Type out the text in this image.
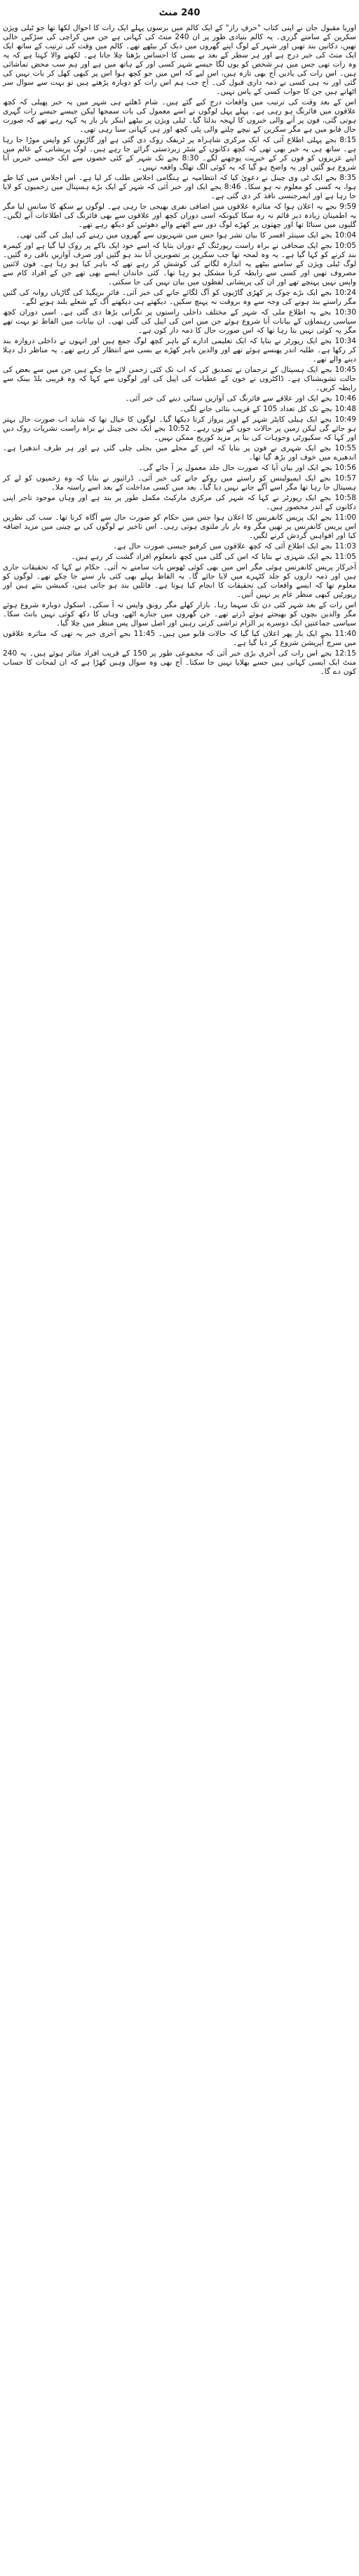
240 منٹ

اوریا مقبول جان نے اپنی کتاب "حرفِ راز" کے ایک کالم میں برسوں پہلے ایک رات کا احوال لکھا تھا جو ٹیلی ویژن سکرین کے سامنے گزری۔ یہ کالم بنیادی طور پر ان 240 منٹ کی کہانی ہے جن میں کراچی کی سڑکیں خالی تھیں، دکانیں بند تھیں اور شہر کے لوگ اپنے گھروں میں دبک کر بیٹھے تھے۔ کالم میں وقت کی ترتیب کے ساتھ ایک ایک منٹ کی خبر درج ہے اور ہر سطر کے بعد بے بسی کا احساس بڑھتا چلا جاتا ہے۔ لکھنے والا کہتا ہے کہ یہ وہ رات تھی جس میں ہر شخص کو یوں لگا جیسے شہر کسی اور کے ہاتھ میں ہے اور ہم سب محض تماشائی ہیں۔ اس رات کی یادیں آج بھی تازہ ہیں، اس لیے کہ اس میں جو کچھ ہوا اس پر کبھی کھل کر بات نہیں کی گئی اور نہ ہی کسی نے ذمہ داری قبول کی۔ آج جب ہم اس رات کو دوبارہ پڑھتے ہیں تو بہت سے سوال سر اٹھاتے ہیں جن کا جواب کسی کے پاس نہیں۔

اس کے بعد وقت کی ترتیب میں واقعات درج کیے گئے ہیں۔ شام ڈھلتے ہی شہر میں یہ خبر پھیلی کہ کچھ علاقوں میں فائرنگ ہو رہی ہے۔ پہلے پہل لوگوں نے اسے معمول کی بات سمجھا لیکن جیسے جیسے رات گہری ہوتی گئی، فون پر آنے والی خبروں کا لہجہ بدلتا گیا۔ ٹیلی ویژن پر بیٹھے اینکر بار بار یہ کہہ رہے تھے کہ صورت حال قابو میں ہے مگر سکرین کے نیچے چلنے والی پٹی کچھ اور ہی کہانی سنا رہی تھی۔

8:15 بجے پہلی اطلاع آئی کہ ایک مرکزی شاہراہ پر ٹریفک روک دی گئی ہے اور گاڑیوں کو واپس موڑا جا رہا ہے۔ ساتھ ہی یہ خبر بھی تھی کہ کچھ دکانوں کے شٹر زبردستی گرائے جا رہے ہیں۔ لوگ پریشانی کے عالم میں اپنے عزیزوں کو فون کر کے خیریت پوچھنے لگے۔ 8:30 بجے تک شہر کے کئی حصوں سے ایک جیسی خبریں آنا شروع ہو گئیں اور یہ واضح ہو گیا کہ یہ کوئی الگ تھلگ واقعہ نہیں۔

8:35 بجے ایک ٹی وی چینل نے دعویٰ کیا کہ انتظامیہ نے ہنگامی اجلاس طلب کر لیا ہے۔ اس اجلاس میں کیا طے ہوا، یہ کسی کو معلوم نہ ہو سکا۔ 8:46 بجے ایک اور خبر آئی کہ شہر کے ایک بڑے ہسپتال میں زخمیوں کو لایا جا رہا ہے اور ایمرجنسی نافذ کر دی گئی ہے۔

9:59 بجے یہ اعلان ہوا کہ متاثرہ علاقوں میں اضافی نفری بھیجی جا رہی ہے۔ لوگوں نے سکھ کا سانس لیا مگر یہ اطمینان زیادہ دیر قائم نہ رہ سکا کیونکہ اسی دوران کچھ اور علاقوں سے بھی فائرنگ کی اطلاعات آنے لگیں۔ گلیوں میں سناٹا تھا اور چھتوں پر کھڑے لوگ دور سے اٹھنے والے دھوئیں کو دیکھ رہے تھے۔

10:04 بجے ایک سینئر افسر کا بیان نشر ہوا جس میں شہریوں سے گھروں میں رہنے کی اپیل کی گئی تھی۔

10:05 بجے ایک صحافی نے براہ راست رپورٹنگ کے دوران بتایا کہ اسے خود ایک ناکے پر روک لیا گیا ہے اور کیمرہ بند کرنے کو کہا گیا ہے۔ یہ وہ لمحہ تھا جب سکرین پر تصویریں آنا بند ہو گئیں اور صرف آوازیں باقی رہ گئیں۔ لوگ ٹیلی ویژن کے سامنے بیٹھے یہ اندازہ لگانے کی کوشش کر رہے تھے کہ باہر کیا ہو رہا ہے۔ فون لائنیں مصروف تھیں اور کسی سے رابطہ کرنا مشکل ہو رہا تھا۔ کئی خاندان ایسے بھی تھے جن کے افراد کام سے واپس نہیں پہنچے تھے اور ان کی پریشانی لفظوں میں بیان نہیں کی جا سکتی۔

10:24 بجے ایک بڑے چوک پر کھڑی گاڑیوں کو آگ لگائے جانے کی خبر آئی۔ فائر بریگیڈ کی گاڑیاں روانہ کی گئیں مگر راستے بند ہونے کی وجہ سے وہ بروقت نہ پہنچ سکیں۔ دیکھتے ہی دیکھتے آگ کے شعلے بلند ہونے لگے۔

10:30 بجے یہ اطلاع ملی کہ شہر کے مختلف داخلی راستوں پر نگرانی بڑھا دی گئی ہے۔ اسی دوران کچھ سیاسی رہنماؤں کے بیانات آنا شروع ہوئے جن میں امن کی اپیل کی گئی تھی۔ ان بیانات میں الفاظ تو بہت تھے مگر یہ کوئی نہیں بتا رہا تھا کہ اس صورت حال کا ذمہ دار کون ہے۔

10:34 بجے ایک رپورٹر نے بتایا کہ ایک تعلیمی ادارے کے باہر کچھ لوگ جمع ہیں اور انہوں نے داخلی دروازہ بند کر رکھا ہے۔ طلبہ اندر پھنسے ہوئے تھے اور والدین باہر کھڑے بے بسی سے انتظار کر رہے تھے۔ یہ مناظر دل دہلا دینے والے تھے۔

10:45 بجے ایک ہسپتال کے ترجمان نے تصدیق کی کہ اب تک کئی زخمی لائے جا چکے ہیں جن میں سے بعض کی حالت تشویشناک ہے۔ ڈاکٹروں نے خون کے عطیات کی اپیل کی اور لوگوں سے کہا کہ وہ قریبی بلڈ بینک سے رابطہ کریں۔

10:46 بجے ایک اور علاقے سے فائرنگ کی آوازیں سنائی دینے کی خبر آئی۔

10:48 بجے تک کل تعداد 105 کے قریب بتائی جانے لگی۔

10:49 بجے ایک ہیلی کاپٹر شہر کے اوپر پرواز کرتا دیکھا گیا۔ لوگوں کا خیال تھا کہ شاید اب صورت حال بہتر ہو جائے گی لیکن زمین پر حالات جوں کے توں رہے۔ 10:52 بجے ایک نجی چینل نے براہ راست نشریات روک دیں اور کہا کہ سکیورٹی وجوہات کی بنا پر مزید کوریج ممکن نہیں۔

10:55 بجے ایک شہری نے فون پر بتایا کہ اس کے محلے میں بجلی چلی گئی ہے اور ہر طرف اندھیرا ہے۔ اندھیرے میں خوف اور بڑھ گیا تھا۔

10:56 بجے ایک اور بیان آیا کہ صورت حال جلد معمول پر آ جائے گی۔

10:57 بجے ایک ایمبولینس کو راستے میں روکے جانے کی خبر آئی۔ ڈرائیور نے بتایا کہ وہ زخمیوں کو لے کر ہسپتال جا رہا تھا مگر اسے آگے جانے نہیں دیا گیا۔ بعد میں کسی مداخلت کے بعد اسے راستہ ملا۔

10:58 بجے ایک رپورٹر نے کہا کہ شہر کی مرکزی مارکیٹ مکمل طور پر بند ہے اور وہاں موجود تاجر اپنی دکانوں کے اندر محصور ہیں۔

11:00 بجے ایک پریس کانفرنس کا اعلان ہوا جس میں حکام کو صورت حال سے آگاہ کرنا تھا۔ سب کی نظریں اس پریس کانفرنس پر تھیں مگر وہ بار بار ملتوی ہوتی رہی۔ اس تاخیر نے لوگوں کی بے چینی میں مزید اضافہ کیا اور افواہیں گردش کرنے لگیں۔

11:03 بجے ایک اطلاع آئی کہ کچھ علاقوں میں کرفیو جیسی صورت حال ہے۔

11:05 بجے ایک شہری نے بتایا کہ اس کی گلی میں کچھ نامعلوم افراد گشت کر رہے ہیں۔

آخرکار پریس کانفرنس ہوئی مگر اس میں بھی کوئی ٹھوس بات سامنے نہ آئی۔ حکام نے کہا کہ تحقیقات جاری ہیں اور ذمہ داروں کو جلد کٹہرے میں لایا جائے گا۔ یہ الفاظ پہلے بھی کئی بار سنے جا چکے تھے۔ لوگوں کو معلوم تھا کہ ایسے واقعات کی تحقیقات کا انجام کیا ہوتا ہے۔ فائلیں بند ہو جاتی ہیں، کمیشن بنتے ہیں اور رپورٹیں کبھی منظر عام پر نہیں آتیں۔

اس رات کے بعد شہر کئی دن تک سہما رہا۔ بازار کھلے مگر رونق واپس نہ آ سکی۔ اسکول دوبارہ شروع ہوئے مگر والدین بچوں کو بھیجتے ہوئے ڈرتے تھے۔ جن گھروں میں جنازے اٹھے، وہاں کا دکھ کوئی نہیں بانٹ سکا۔ سیاسی جماعتیں ایک دوسرے پر الزام تراشی کرتی رہیں اور اصل سوال پس منظر میں چلا گیا۔

11:40 بجے ایک بار پھر اعلان کیا گیا کہ حالات قابو میں ہیں۔ 11:45 بجے آخری خبر یہ تھی کہ متاثرہ علاقوں میں سرچ آپریشن شروع کر دیا گیا ہے۔

12:15 بجے اس رات کی آخری بڑی خبر آئی کہ مجموعی طور پر 150 کے قریب افراد متاثر ہوئے ہیں۔ یہ 240 منٹ ایک ایسی کہانی ہیں جسے بھلایا نہیں جا سکتا۔ آج بھی وہ سوال وہیں کھڑا ہے کہ ان لمحات کا حساب کون دے گا۔
